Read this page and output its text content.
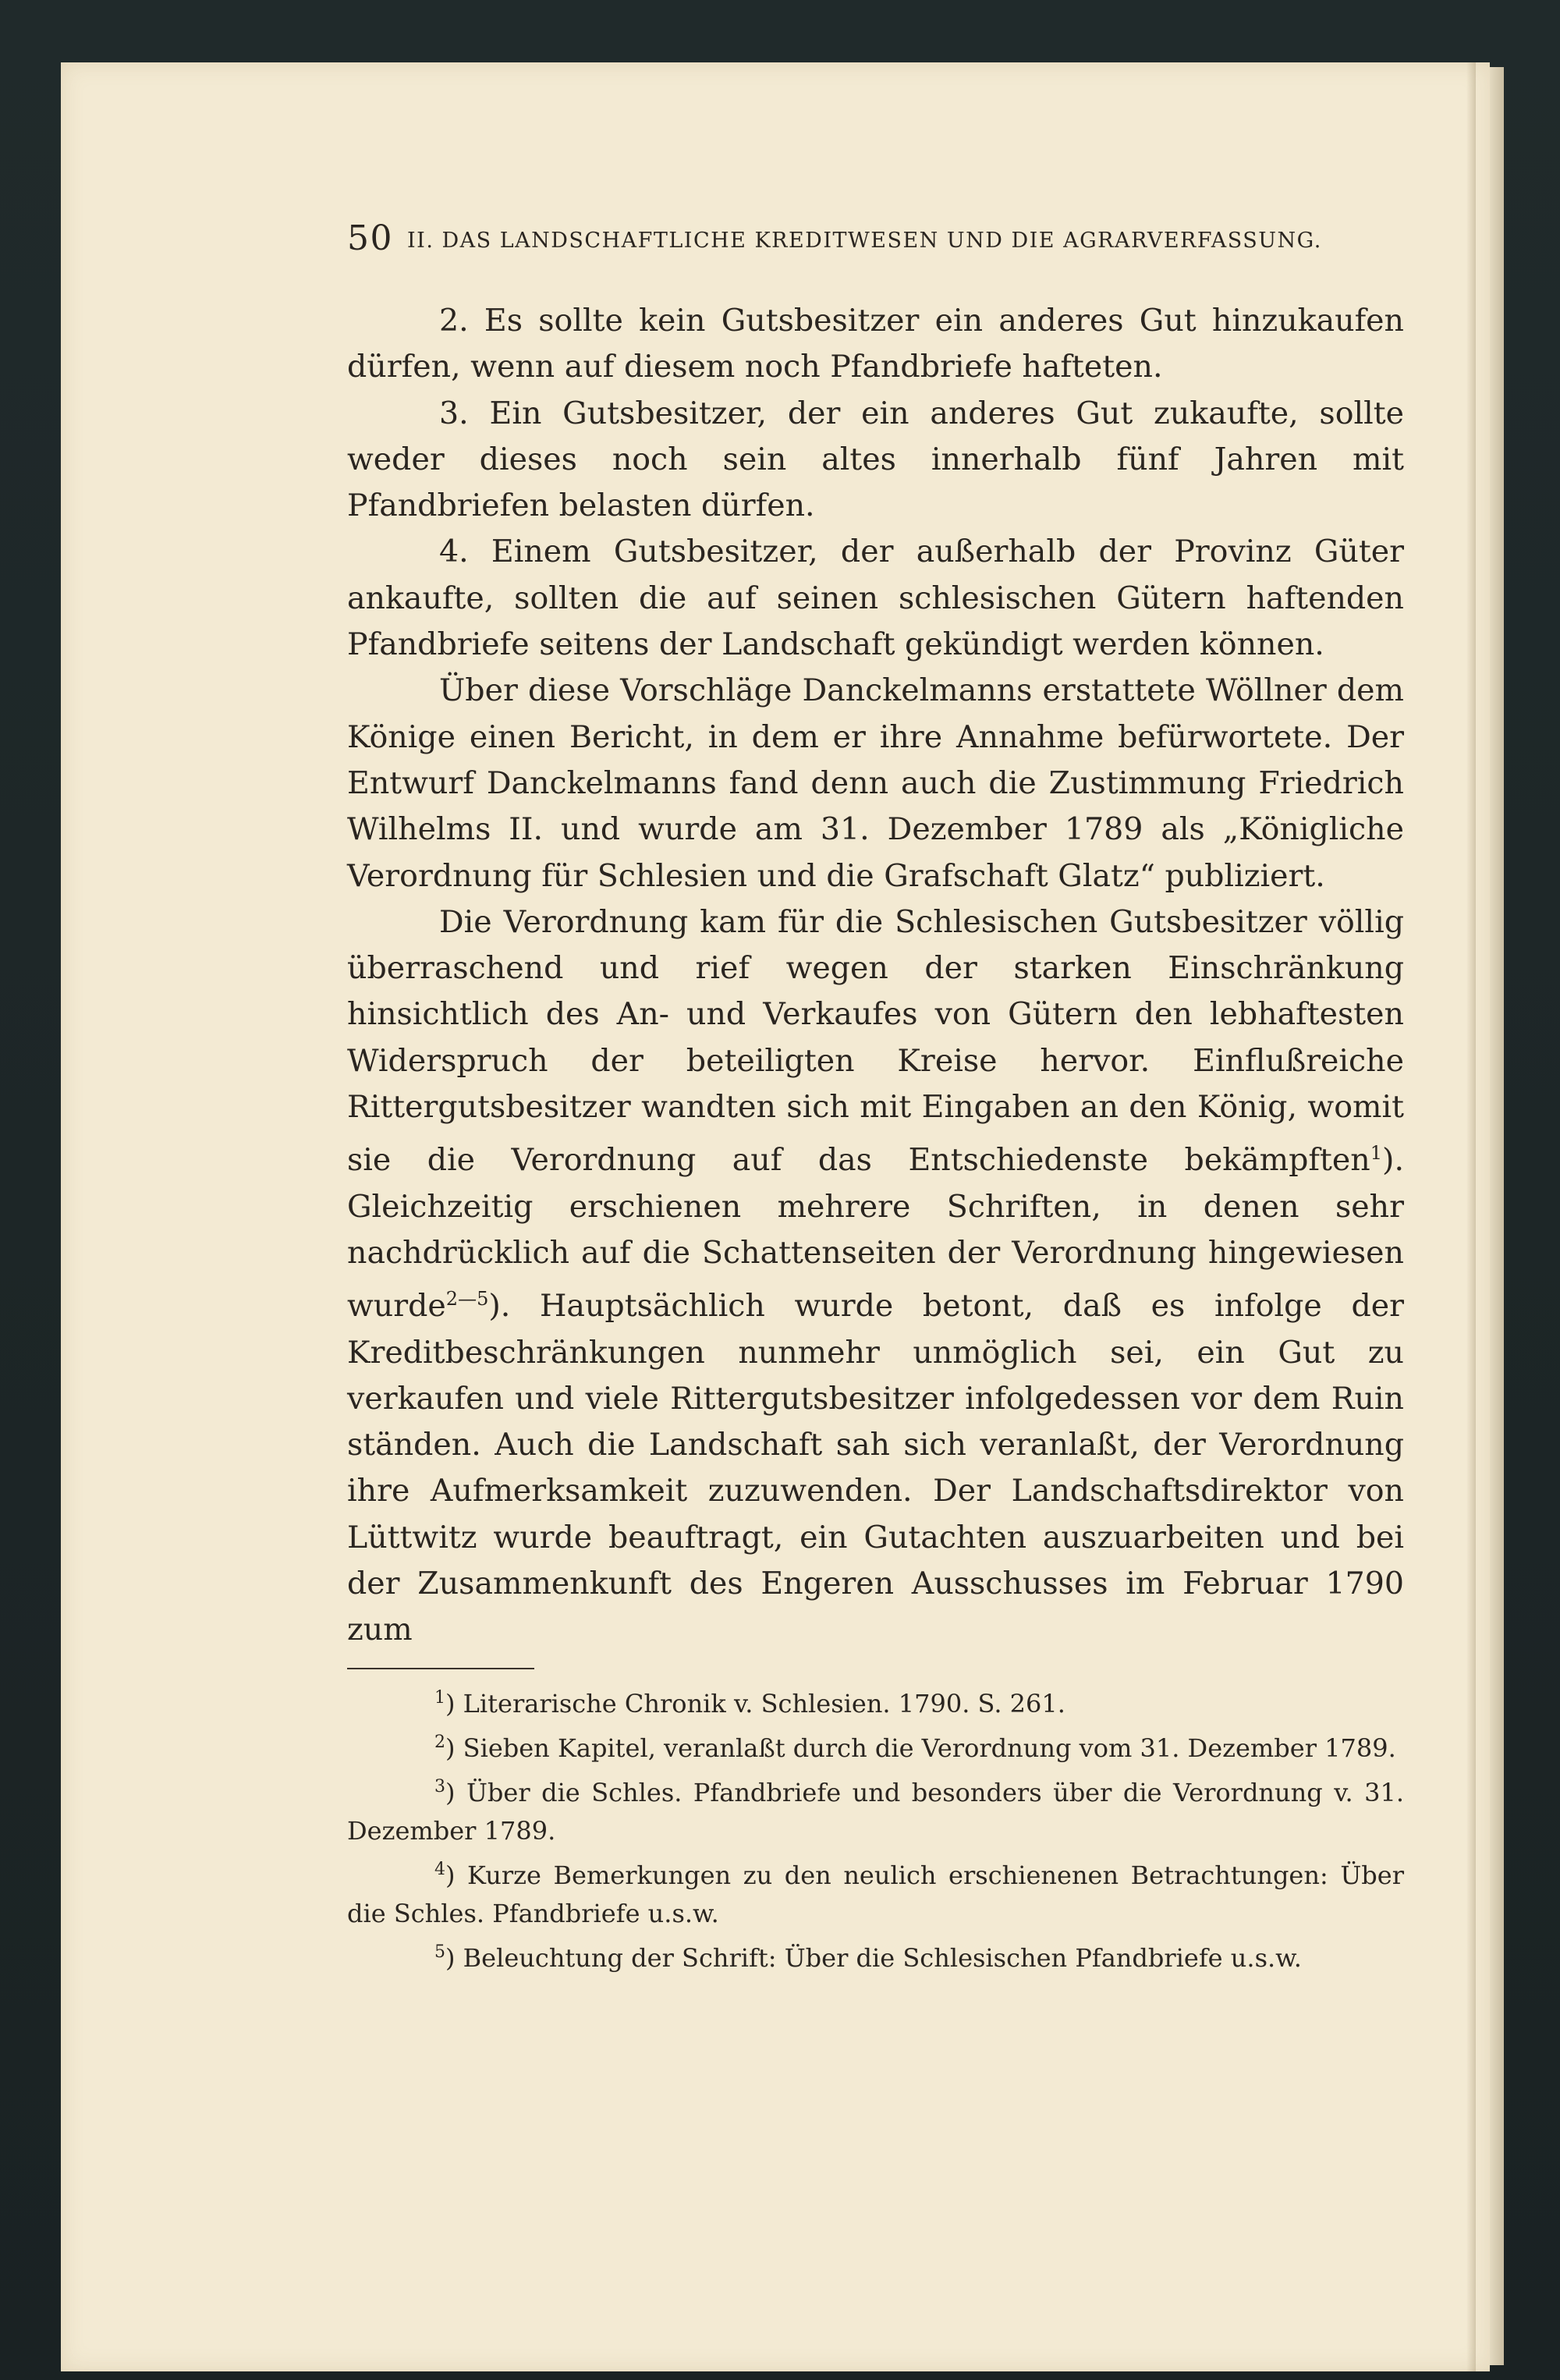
50 II. DAS LANDSCHAFTLICHE KREDITWESEN UND DIE AGRARVERFASSUNG.

2. Es sollte kein Gutsbesitzer ein anderes Gut hinzukaufen dürfen, wenn auf diesem noch Pfandbriefe hafteten.

3. Ein Gutsbesitzer, der ein anderes Gut zukaufte, sollte weder dieses noch sein altes innerhalb fünf Jahren mit Pfandbriefen belasten dürfen.

4. Einem Gutsbesitzer, der außerhalb der Provinz Güter ankaufte, sollten die auf seinen schlesischen Gütern haftenden Pfandbriefe seitens der Landschaft gekündigt werden können.

Über diese Vorschläge Danckelmanns erstattete Wöllner dem Könige einen Bericht, in dem er ihre Annahme befürwortete. Der Entwurf Danckelmanns fand denn auch die Zustimmung Friedrich Wilhelms II. und wurde am 31. Dezember 1789 als „Königliche Verordnung für Schlesien und die Grafschaft Glatz“ publiziert.

Die Verordnung kam für die Schlesischen Gutsbesitzer völlig überraschend und rief wegen der starken Einschränkung hinsichtlich des An- und Verkaufes von Gütern den lebhaftesten Widerspruch der beteiligten Kreise hervor. Einflußreiche Rittergutsbesitzer wandten sich mit Eingaben an den König, womit sie die Verordnung auf das Entschiedenste bekämpften$^1$). Gleichzeitig erschienen mehrere Schriften, in denen sehr nachdrücklich auf die Schattenseiten der Verordnung hingewiesen wurde$^{2—5}$). Hauptsächlich wurde betont, daß es infolge der Kreditbeschränkungen nunmehr unmöglich sei, ein Gut zu verkaufen und viele Rittergutsbesitzer infolgedessen vor dem Ruin ständen. Auch die Landschaft sah sich veranlaßt, der Verordnung ihre Aufmerksamkeit zuzuwenden. Der Landschaftsdirektor von Lüttwitz wurde beauftragt, ein Gutachten auszuarbeiten und bei der Zusammenkunft des Engeren Ausschusses im Februar 1790 zum

$^1$) Literarische Chronik v. Schlesien. 1790. S. 261.

$^2$) Sieben Kapitel, veranlaßt durch die Verordnung vom 31. Dezember 1789.

$^3$) Über die Schles. Pfandbriefe und besonders über die Verordnung v. 31. Dezember 1789.

$^4$) Kurze Bemerkungen zu den neulich erschienenen Betrachtungen: Über die Schles. Pfandbriefe u.s.w.

$^5$) Beleuchtung der Schrift: Über die Schlesischen Pfandbriefe u.s.w.
